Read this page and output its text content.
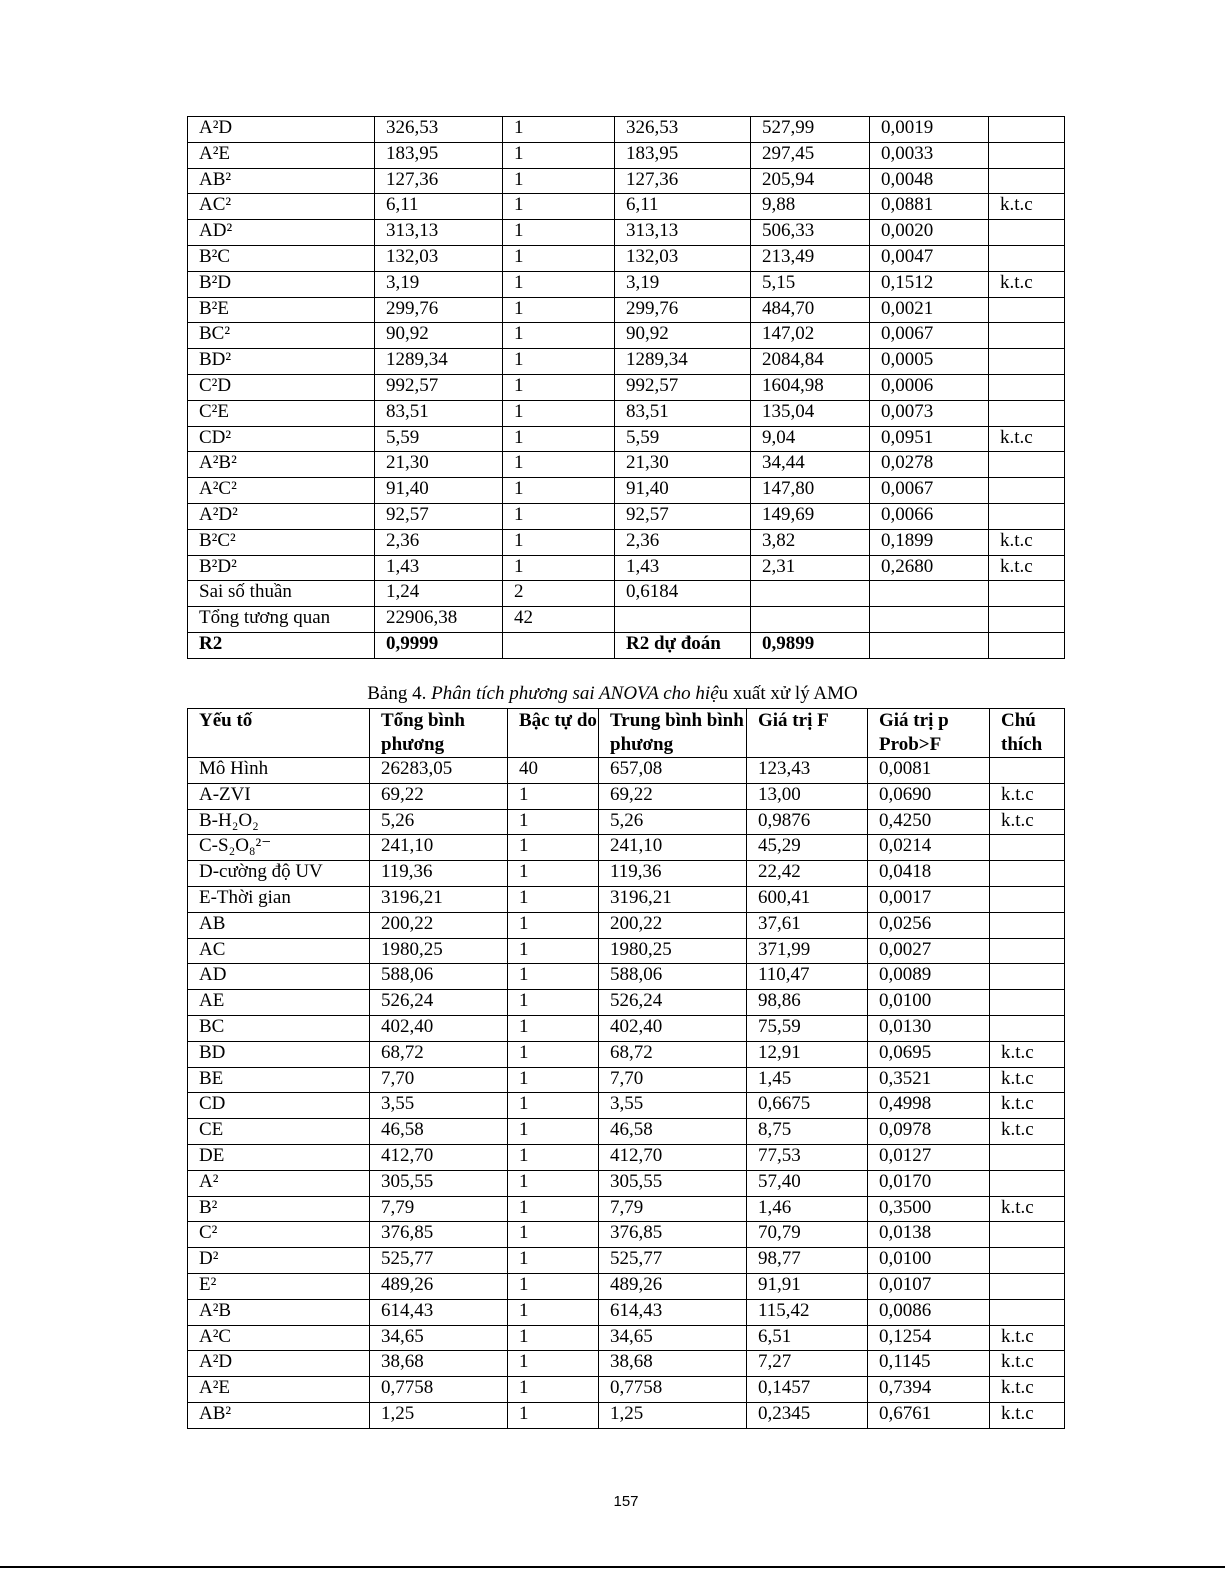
A²D	326,53	1	326,53	527,99	0,0019	
A²E	183,95	1	183,95	297,45	0,0033	
AB²	127,36	1	127,36	205,94	0,0048	
AC²	6,11	1	6,11	9,88	0,0881	k.t.c
AD²	313,13	1	313,13	506,33	0,0020	
B²C	132,03	1	132,03	213,49	0,0047	
B²D	3,19	1	3,19	5,15	0,1512	k.t.c
B²E	299,76	1	299,76	484,70	0,0021	
BC²	90,92	1	90,92	147,02	0,0067	
BD²	1289,34	1	1289,34	2084,84	0,0005	
C²D	992,57	1	992,57	1604,98	0,0006	
C²E	83,51	1	83,51	135,04	0,0073	
CD²	5,59	1	5,59	9,04	0,0951	k.t.c
A²B²	21,30	1	21,30	34,44	0,0278	
A²C²	91,40	1	91,40	147,80	0,0067	
A²D²	92,57	1	92,57	149,69	0,0066	
B²C²	2,36	1	2,36	3,82	0,1899	k.t.c
B²D²	1,43	1	1,43	2,31	0,2680	k.t.c
Sai số thuần	1,24	2	0,6184			
Tổng tương quan	22906,38	42				
R2	0,9999		R2 dự đoán	0,9899		
Bảng 4. Phân tích phương sai ANOVA cho hiệu xuất xử lý AMO
Yếu tố	Tổng bình phương	Bậc tự do	Trung bình bình phương	Giá trị F	Giá trị p Prob>F	Chú thích
Mô Hình	26283,05	40	657,08	123,43	0,0081	
A-ZVI	69,22	1	69,22	13,00	0,0690	k.t.c
B-H₂O₂	5,26	1	5,26	0,9876	0,4250	k.t.c
C-S₂O₈²⁻	241,10	1	241,10	45,29	0,0214	
D-cường độ UV	119,36	1	119,36	22,42	0,0418	
E-Thời gian	3196,21	1	3196,21	600,41	0,0017	
AB	200,22	1	200,22	37,61	0,0256	
AC	1980,25	1	1980,25	371,99	0,0027	
AD	588,06	1	588,06	110,47	0,0089	
AE	526,24	1	526,24	98,86	0,0100	
BC	402,40	1	402,40	75,59	0,0130	
BD	68,72	1	68,72	12,91	0,0695	k.t.c
BE	7,70	1	7,70	1,45	0,3521	k.t.c
CD	3,55	1	3,55	0,6675	0,4998	k.t.c
CE	46,58	1	46,58	8,75	0,0978	k.t.c
DE	412,70	1	412,70	77,53	0,0127	
A²	305,55	1	305,55	57,40	0,0170	
B²	7,79	1	7,79	1,46	0,3500	k.t.c
C²	376,85	1	376,85	70,79	0,0138	
D²	525,77	1	525,77	98,77	0,0100	
E²	489,26	1	489,26	91,91	0,0107	
A²B	614,43	1	614,43	115,42	0,0086	
A²C	34,65	1	34,65	6,51	0,1254	k.t.c
A²D	38,68	1	38,68	7,27	0,1145	k.t.c
A²E	0,7758	1	0,7758	0,1457	0,7394	k.t.c
AB²	1,25	1	1,25	0,2345	0,6761	k.t.c
157
